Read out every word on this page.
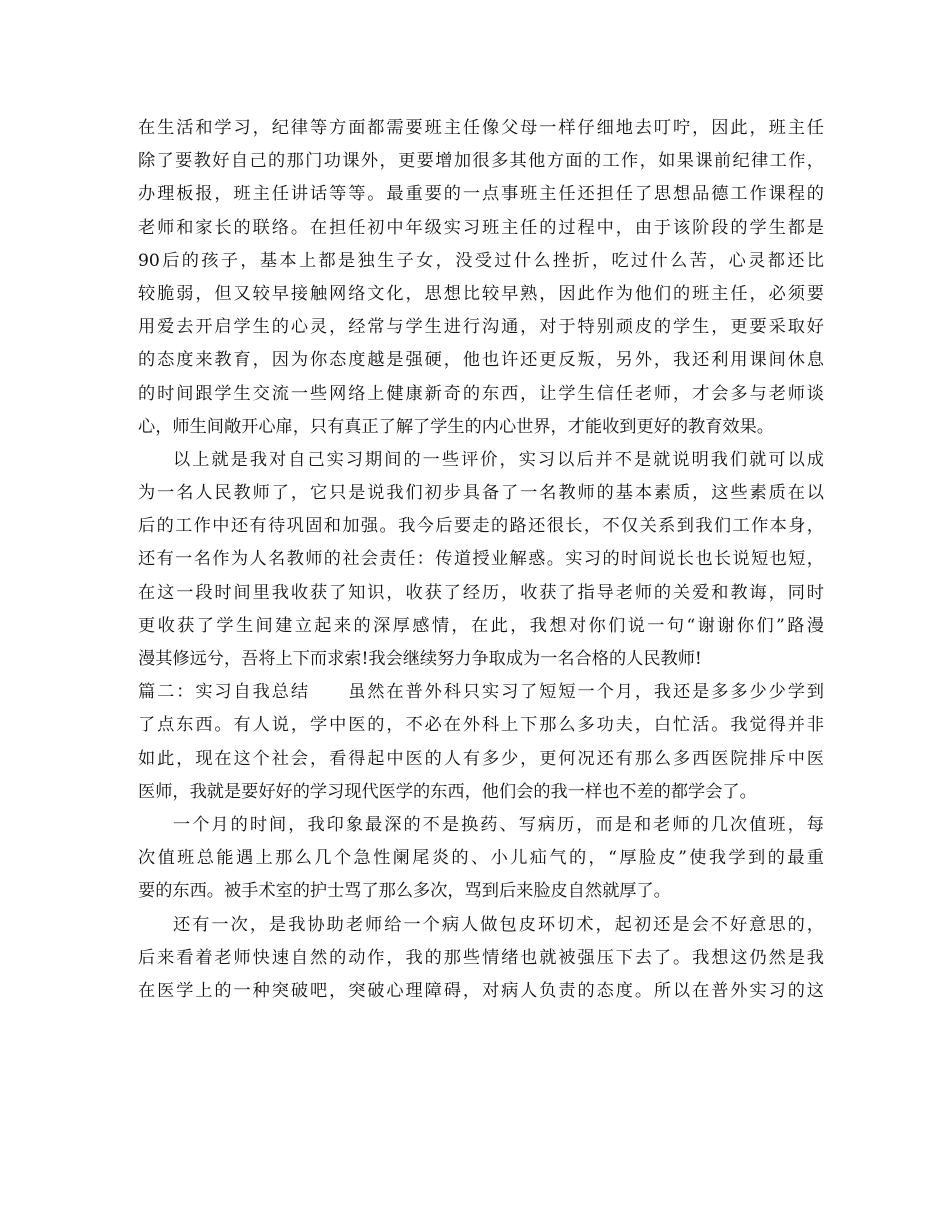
在生活和学习，纪律等方面都需要班主任像父母一样仔细地去叮咛，因此，班主任
除了要教好自己的那门功课外，更要增加很多其他方面的工作，如果课前纪律工作，
办理板报，班主任讲话等等。最重要的一点事班主任还担任了思想品德工作课程的
老师和家长的联络。在担任初中年级实习班主任的过程中，由于该阶段的学生都是
90后的孩子，基本上都是独生子女，没受过什么挫折，吃过什么苦，心灵都还比
较脆弱，但又较早接触网络文化，思想比较早熟，因此作为他们的班主任，必须要
用爱去开启学生的心灵，经常与学生进行沟通，对于特别顽皮的学生，更要采取好
的态度来教育，因为你态度越是强硬，他也许还更反叛，另外，我还利用课间休息
的时间跟学生交流一些网络上健康新奇的东西，让学生信任老师，才会多与老师谈
心，师生间敞开心扉，只有真正了解了学生的内心世界，才能收到更好的教育效果。
以上就是我对自己实习期间的一些评价，实习以后并不是就说明我们就可以成
为一名人民教师了，它只是说我们初步具备了一名教师的基本素质，这些素质在以
后的工作中还有待巩固和加强。我今后要走的路还很长，不仅关系到我们工作本身，
还有一名作为人名教师的社会责任：传道授业解惑。实习的时间说长也长说短也短，
在这一段时间里我收获了知识，收获了经历，收获了指导老师的关爱和教诲，同时
更收获了学生间建立起来的深厚感情，在此，我想对你们说一句“谢谢你们”路漫
漫其修远兮，吾将上下而求索!我会继续努力争取成为一名合格的人民教师!
篇二：实习自我总结　　虽然在普外科只实习了短短一个月，我还是多多少少学到
了点东西。有人说，学中医的，不必在外科上下那么多功夫，白忙活。我觉得并非
如此，现在这个社会，看得起中医的人有多少，更何况还有那么多西医院排斥中医
医师，我就是要好好的学习现代医学的东西，他们会的我一样也不差的都学会了。
一个月的时间，我印象最深的不是换药、写病历，而是和老师的几次值班，每
次值班总能遇上那么几个急性阑尾炎的、小儿疝气的，“厚脸皮”使我学到的最重
要的东西。被手术室的护士骂了那么多次，骂到后来脸皮自然就厚了。
还有一次，是我协助老师给一个病人做包皮环切术，起初还是会不好意思的，
后来看着老师快速自然的动作，我的那些情绪也就被强压下去了。我想这仍然是我
在医学上的一种突破吧，突破心理障碍，对病人负责的态度。所以在普外实习的这
